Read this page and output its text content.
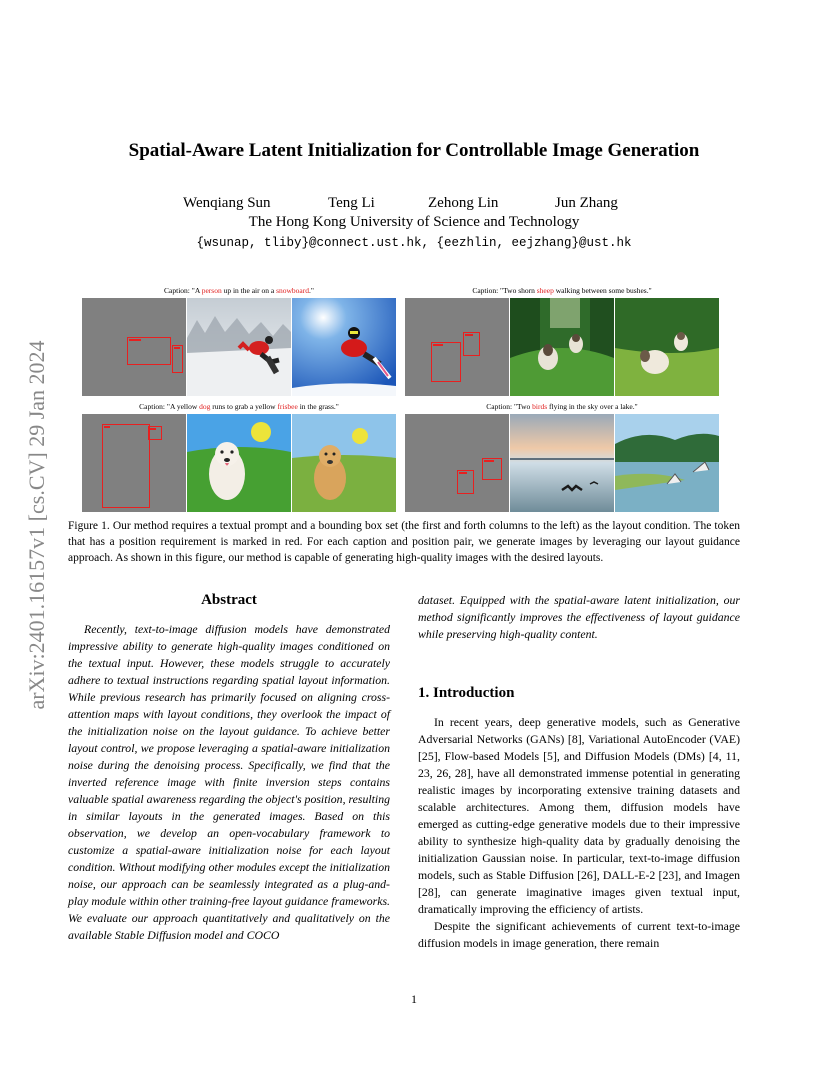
arXiv:2401.16157v1 [cs.CV] 29 Jan 2024
Spatial-Aware Latent Initialization for Controllable Image Generation
Wenqiang Sun	Teng Li	Zehong Lin	Jun Zhang
The Hong Kong University of Science and Technology
{wsunap, tliby}@connect.ust.hk, {eezhlin, eejzhang}@ust.hk
Caption: "A person up in the air on a snowboard."	Caption: "Two shorn sheep walking between some bushes."
Caption: "A yellow dog runs to grab a yellow frisbee in the grass."	Caption: "Two birds flying in the sky over a lake."
Figure 1. Our method requires a textual prompt and a bounding box set (the first and forth columns to the left) as the layout condition. The token that has a position requirement is marked in red. For each caption and position pair, we generate images by leveraging our layout guidance approach. As shown in this figure, our method is capable of generating high-quality images with the desired layouts.
Abstract

Recently, text-to-image diffusion models have demonstrated impressive ability to generate high-quality images conditioned on the textual input. However, these models struggle to accurately adhere to textual instructions regarding spatial layout information. While previous research has primarily focused on aligning cross-attention maps with layout conditions, they overlook the impact of the initialization noise on the layout guidance. To achieve better layout control, we propose leveraging a spatial-aware initialization noise during the denoising process. Specifically, we find that the inverted reference image with finite inversion steps contains valuable spatial awareness regarding the object's position, resulting in similar layouts in the generated images. Based on this observation, we develop an open-vocabulary framework to customize a spatial-aware initialization noise for each layout condition. Without modifying other modules except the initialization noise, our approach can be seamlessly integrated as a plug-and-play module within other training-free layout guidance frameworks. We evaluate our approach quantitatively and qualitatively on the available Stable Diffusion model and COCO

dataset. Equipped with the spatial-aware latent initialization, our method significantly improves the effectiveness of layout guidance while preserving high-quality content.

1. Introduction

In recent years, deep generative models, such as Generative Adversarial Networks (GANs) [8], Variational AutoEncoder (VAE) [25], Flow-based Models [5], and Diffusion Models (DMs) [4, 11, 23, 26, 28], have all demonstrated immense potential in generating realistic images by incorporating extensive training datasets and scalable architectures. Among them, diffusion models have emerged as cutting-edge generative models due to their impressive ability to synthesize high-quality data by gradually denoising the initialization Gaussian noise. In particular, text-to-image diffusion models, such as Stable Diffusion [26], DALL-E-2 [23], and Imagen [28], can generate imaginative images given textual input, dramatically improving the efficiency of artists.

Despite the significant achievements of current text-to-image diffusion models in image generation, there remain

1
